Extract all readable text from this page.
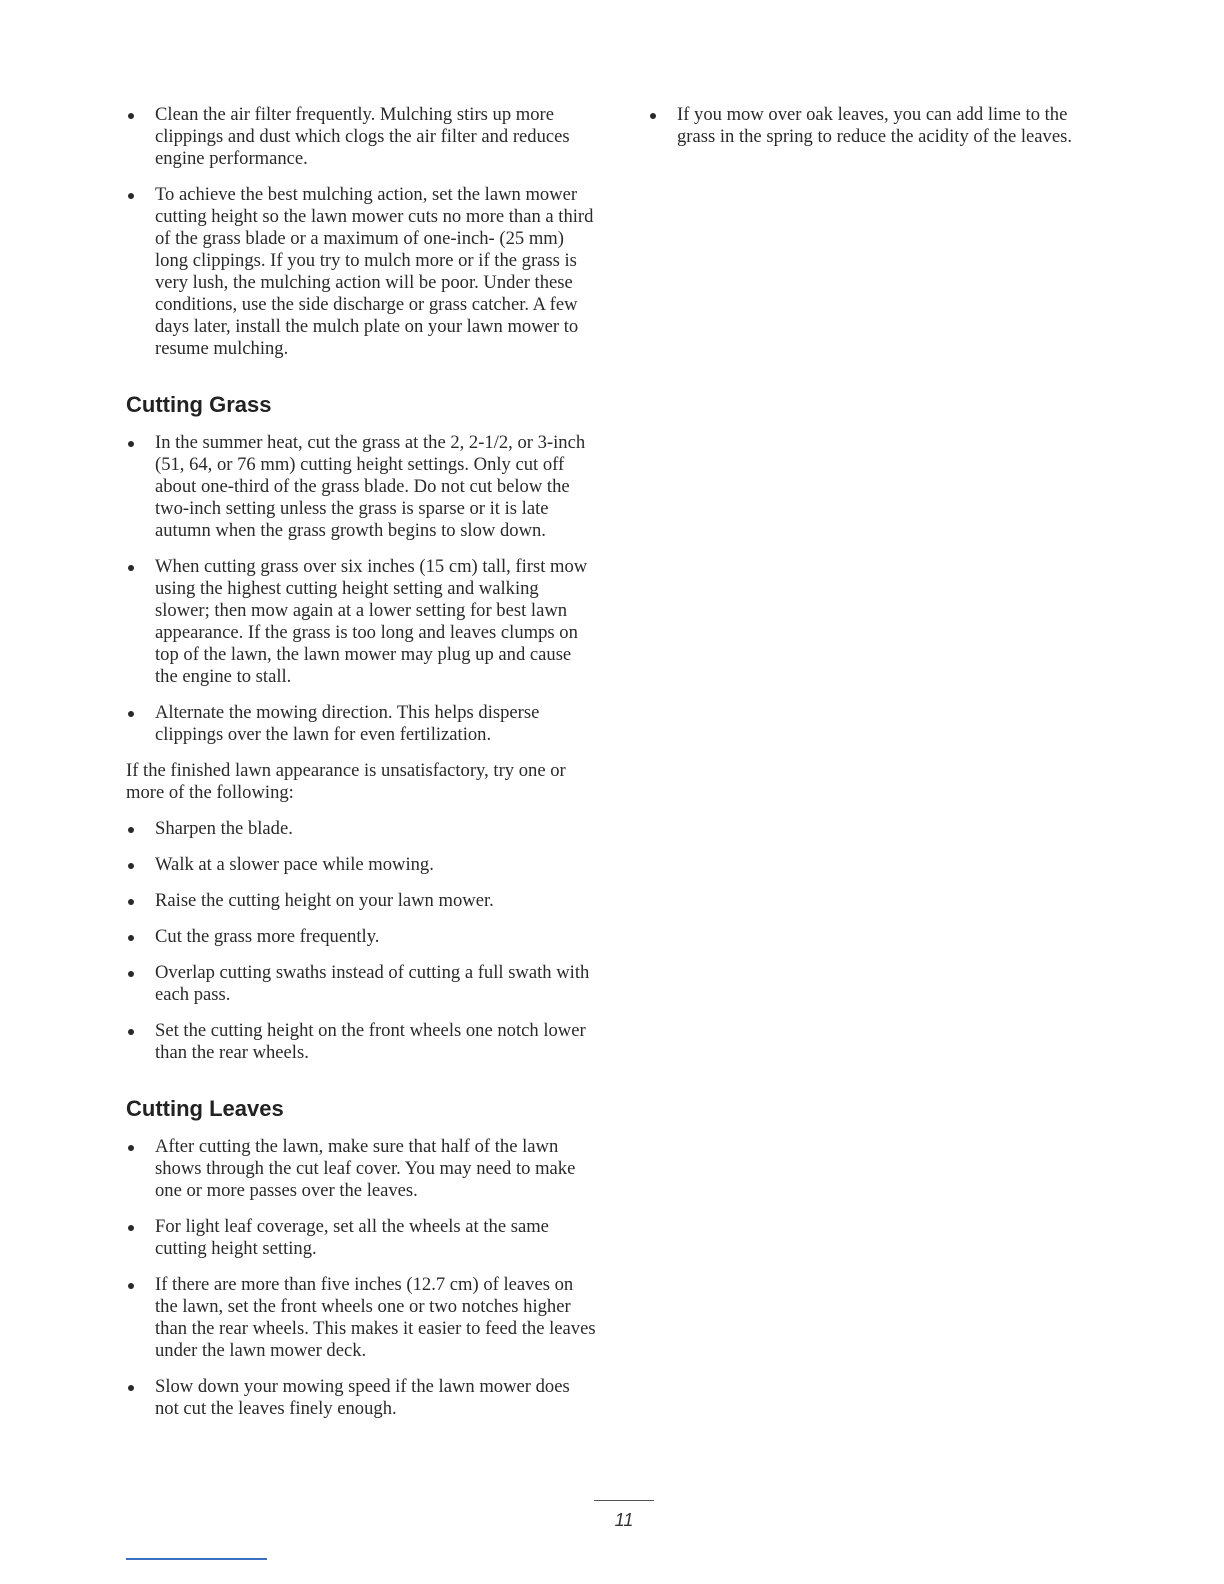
Clean the air filter frequently. Mulching stirs up more clippings and dust which clogs the air filter and reduces engine performance.
To achieve the best mulching action, set the lawn mower cutting height so the lawn mower cuts no more than a third of the grass blade or a maximum of one-inch- (25 mm) long clippings. If you try to mulch more or if the grass is very lush, the mulching action will be poor. Under these conditions, use the side discharge or grass catcher. A few days later, install the mulch plate on your lawn mower to resume mulching.
Cutting Grass
In the summer heat, cut the grass at the 2, 2-1/2, or 3-inch (51, 64, or 76 mm) cutting height settings. Only cut off about one-third of the grass blade. Do not cut below the two-inch setting unless the grass is sparse or it is late autumn when the grass growth begins to slow down.
When cutting grass over six inches (15 cm) tall, first mow using the highest cutting height setting and walking slower; then mow again at a lower setting for best lawn appearance. If the grass is too long and leaves clumps on top of the lawn, the lawn mower may plug up and cause the engine to stall.
Alternate the mowing direction. This helps disperse clippings over the lawn for even fertilization.

If the finished lawn appearance is unsatisfactory, try one or more of the following:

Sharpen the blade.
Walk at a slower pace while mowing.
Raise the cutting height on your lawn mower.
Cut the grass more frequently.
Overlap cutting swaths instead of cutting a full swath with each pass.
Set the cutting height on the front wheels one notch lower than the rear wheels.
Cutting Leaves
After cutting the lawn, make sure that half of the lawn shows through the cut leaf cover. You may need to make one or more passes over the leaves.
For light leaf coverage, set all the wheels at the same cutting height setting.
If there are more than five inches (12.7 cm) of leaves on the lawn, set the front wheels one or two notches higher than the rear wheels. This makes it easier to feed the leaves under the lawn mower deck.
Slow down your mowing speed if the lawn mower does not cut the leaves finely enough.
If you mow over oak leaves, you can add lime to the grass in the spring to reduce the acidity of the leaves.
11
